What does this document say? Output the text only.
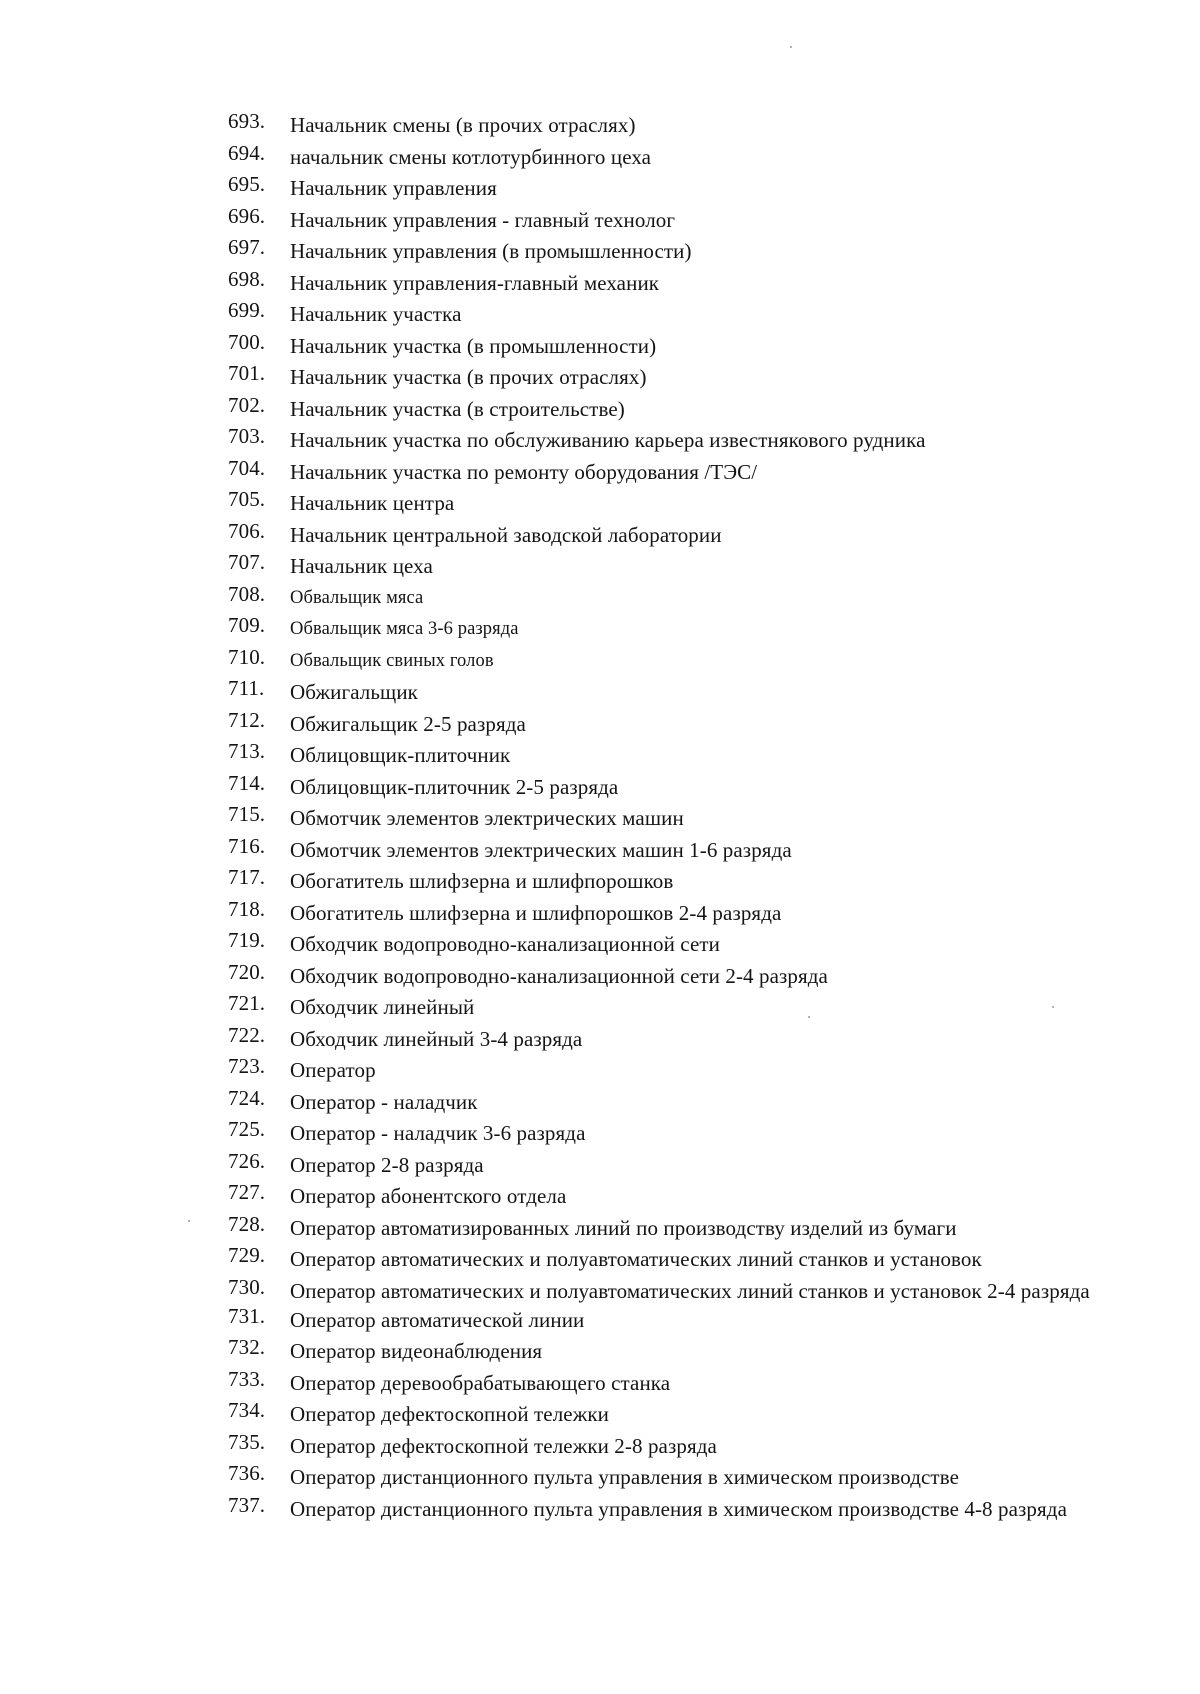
693.	Начальник смены (в прочих отраслях)
694.	начальник смены котлотурбинного цеха
695.	Начальник управления
696.	Начальник управления - главный технолог
697.	Начальник управления (в промышленности)
698.	Начальник управления-главный механик
699.	Начальник участка
700.	Начальник участка (в промышленности)
701.	Начальник участка (в прочих отраслях)
702.	Начальник участка (в строительстве)
703.	Начальник участка по обслуживанию карьера известнякового рудника
704.	Начальник участка по ремонту оборудования /ТЭС/
705.	Начальник центра
706.	Начальник центральной заводской лаборатории
707.	Начальник цеха
708.	Обвальщик мяса
709.	Обвальщик мяса 3-6 разряда
710.	Обвальщик свиных голов
711.	Обжигальщик
712.	Обжигальщик 2-5 разряда
713.	Облицовщик-плиточник
714.	Облицовщик-плиточник 2-5 разряда
715.	Обмотчик элементов электрических машин
716.	Обмотчик элементов электрических машин 1-6 разряда
717.	Обогатитель шлифзерна и шлифпорошков
718.	Обогатитель шлифзерна и шлифпорошков 2-4 разряда
719.	Обходчик водопроводно-канализационной сети
720.	Обходчик водопроводно-канализационной сети 2-4 разряда
721.	Обходчик линейный
722.	Обходчик линейный 3-4 разряда
723.	Оператор
724.	Оператор - наладчик
725.	Оператор - наладчик 3-6 разряда
726.	Оператор 2-8 разряда
727.	Оператор абонентского отдела
728.	Оператор автоматизированных линий по производству изделий из бумаги
729.	Оператор автоматических и полуавтоматических линий станков и установок
730.	Оператор автоматических и полуавтоматических линий станков и установок 2-4 разряда
731.	Оператор автоматической линии
732.	Оператор видеонаблюдения
733.	Оператор деревообрабатывающего станка
734.	Оператор дефектоскопной тележки
735.	Оператор дефектоскопной тележки 2-8 разряда
736.	Оператор дистанционного пульта управления в химическом производстве
737.	Оператор дистанционного пульта управления в химическом производстве 4-8 разряда
